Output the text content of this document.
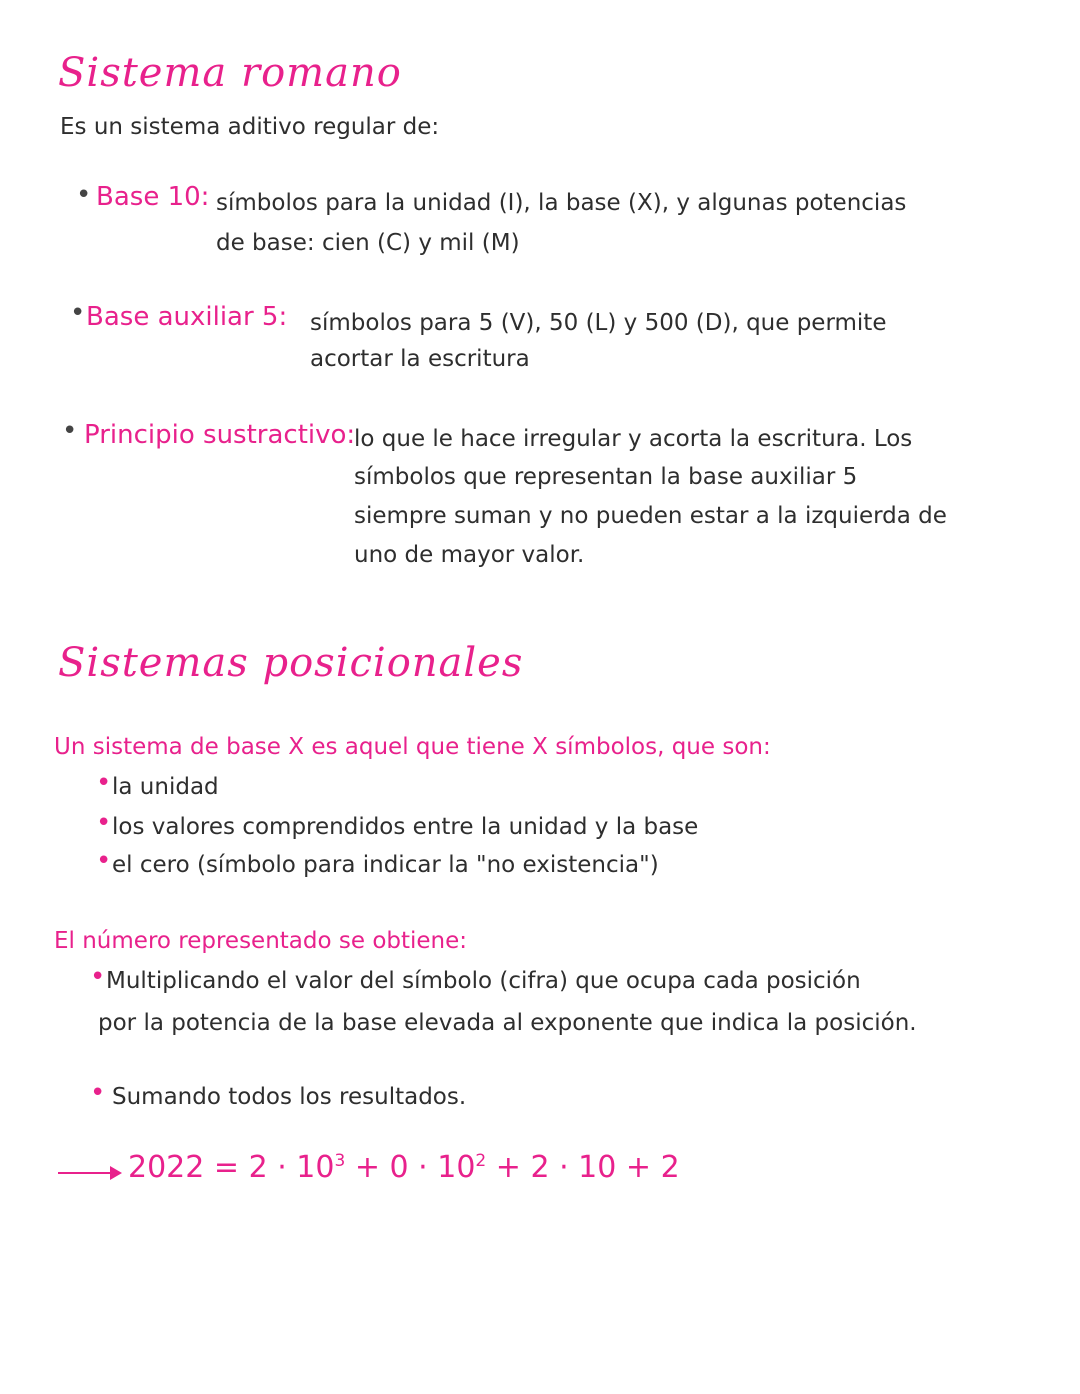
Sistema romano
Es un sistema aditivo regular de:
• Base 10: símbolos para la unidad (I), la base (X), y algunas potencias
de base: cien (C) y mil (M)
• Base auxiliar 5: símbolos para 5 (V), 50 (L) y 500 (D), que permite
acortar la escritura
• Principio sustractivo:
lo que le hace irregular y acorta la escritura. Los
símbolos que representan la base auxiliar 5
siempre suman y no pueden estar a la izquierda de
uno de mayor valor.
Sistemas posicionales
Un sistema de base X es aquel que tiene X símbolos, que son:
• la unidad
• los valores comprendidos entre la unidad y la base
• el cero (símbolo para indicar la "no existencia")
El número representado se obtiene:
• Multiplicando el valor del símbolo (cifra) que ocupa cada posición
por la potencia de la base elevada al exponente que indica la posición.
• Sumando todos los resultados.
$2022 = 2 \cdot 10^3 + 0 \cdot 10^2 + 2 \cdot 10 + 2$
